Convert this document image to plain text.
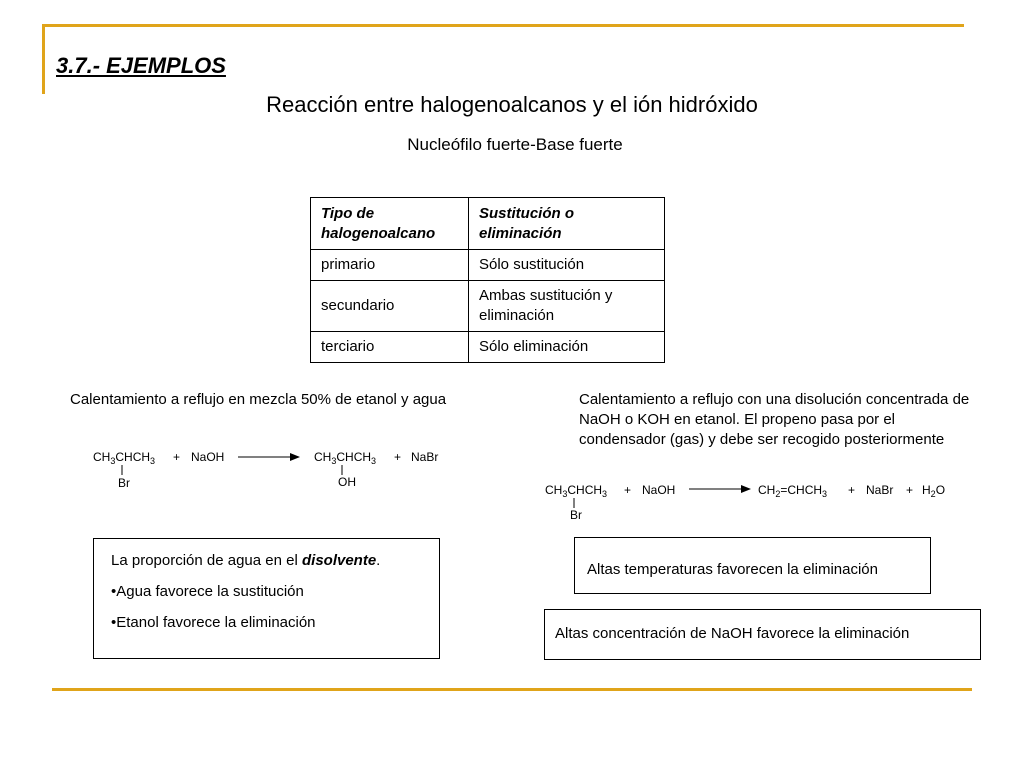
3.7.- EJEMPLOS
Reacción entre halogenoalcanos y el ión hidróxido
Nucleófilo fuerte-Base fuerte
Tipo de halogenoalcano	Sustitución o eliminación
primario	Sólo sustitución
secundario	Ambas sustitución y eliminación
terciario	Sólo eliminación
Calentamiento a reflujo en mezcla 50% de etanol y agua	Calentamiento a reflujo con una disolución concentrada de NaOH o KOH en etanol. El propeno pasa por el condensador (gas) y debe ser recogido posteriormente
$CH_3CHCH_3$ + NaOH
Br
$CH_3CHCH_3$ + NaBr
OH
$CH_3CHCH_3$ + NaOH
Br
$CH_2=CHCH_3$ + NaBr + $H_2O$

La proporción de agua en el disolvente.

•Agua favorece la sustitución

•Etanol favorece la eliminación

Altas temperaturas favorecen la eliminación
Altas concentración de NaOH favorece la eliminación
